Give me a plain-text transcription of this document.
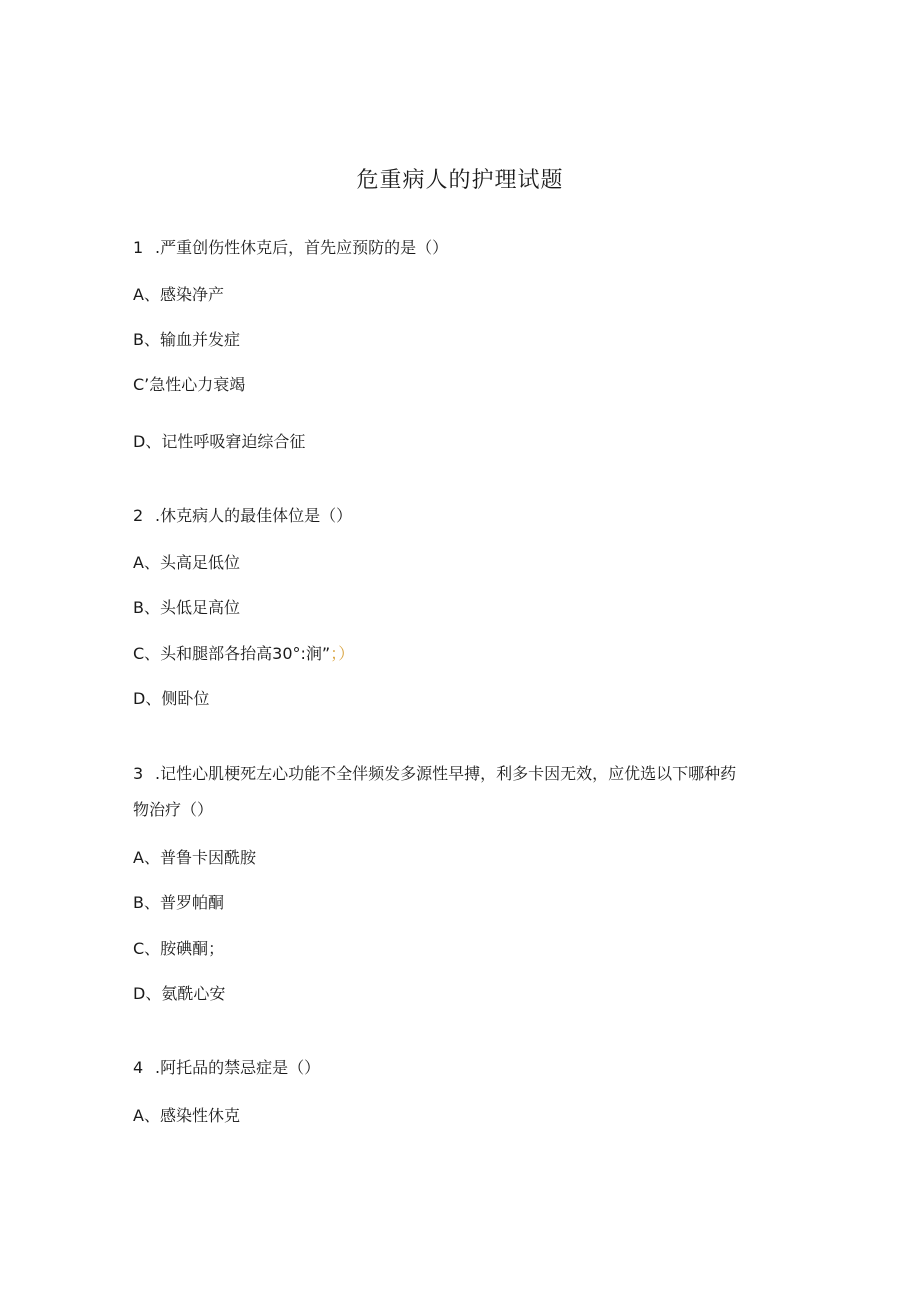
危重病人的护理试题
1 .严重创伤性休克后，首先应预防的是（）
A、感染净产
B、输血并发症
C’急性心力衰竭
D、记性呼吸窘迫综合征
2 .休克病人的最佳体位是（）
A、头高足低位
B、头低足高位
C、头和腿部各抬高30°:涧”；）
D、侧卧位
3 .记性心肌梗死左心功能不全伴频发多源性早搏，利多卡因无效，应优选以下哪种药
物治疗（）
A、普鲁卡因酰胺
B、普罗帕酮
C、胺碘酮；
D、氨酰心安
4 .阿托品的禁忌症是（）
A、感染性休克
